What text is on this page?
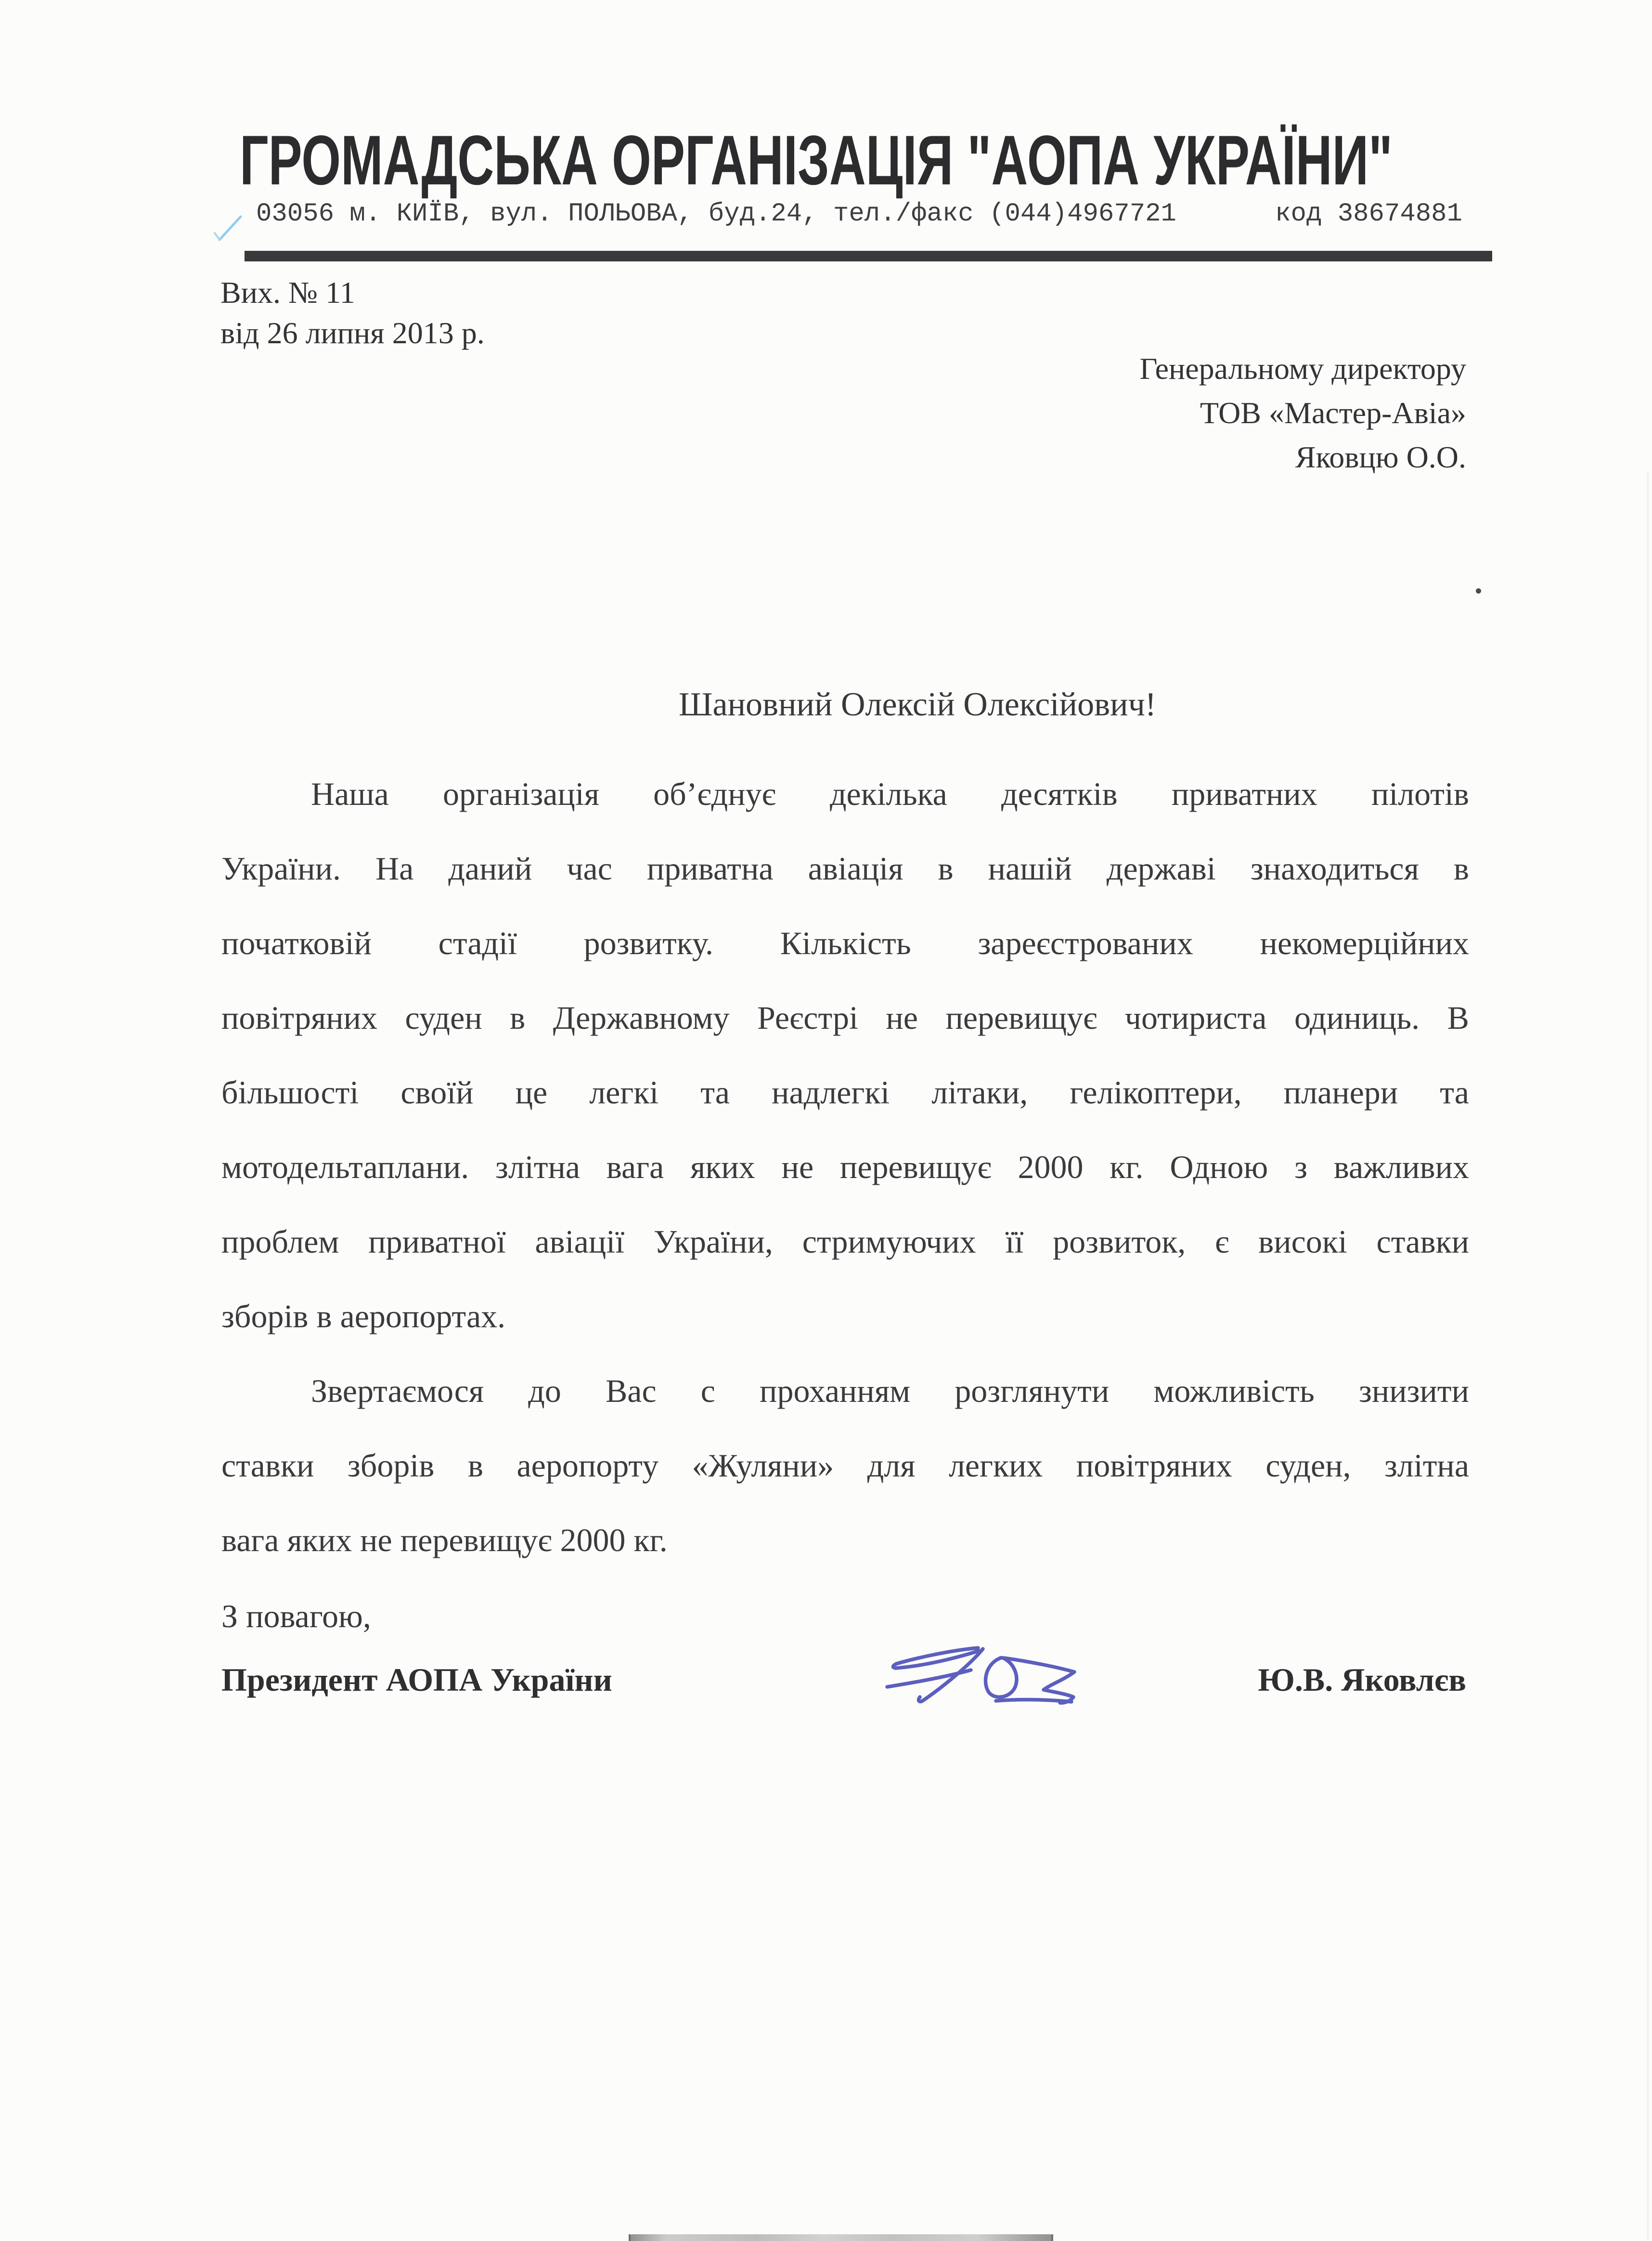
ГРОМАДСЬКА ОРГАНІЗАЦІЯ "АОПА УКРАЇНИ"
03056 м. КИЇВ, вул. ПОЛЬОВА, буд.24, тел./факс (044)4967721	код 38674881
Вих. № 11
від 26 липня 2013 р.
Генеральному директору
ТОВ «Мастер-Авіа»
Яковцю О.О.
Шановний Олексій Олексійович!
Наша організація об’єднує декілька десятків приватних пілотів
України. На даний час приватна авіація в нашій державі знаходиться в
початковій стадії розвитку. Кількість зареєстрованих некомерційних
повітряних суден в Державному Реєстрі не перевищує чотириста одиниць. В
більшості своїй це легкі та надлегкі літаки, гелікоптери, планери та
мотодельтаплани. злітна вага яких не перевищує 2000 кг. Одною з важливих
проблем приватної авіації України, стримуючих її розвиток, є високі ставки
зборів в аеропортах.
Звертаємося до Вас с проханням розглянути можливість знизити
ставки зборів в аеропорту «Жуляни» для легких повітряних суден, злітна
вага яких не перевищує 2000 кг.
З повагою,
Президент АОПА України	Ю.В. Яковлєв
